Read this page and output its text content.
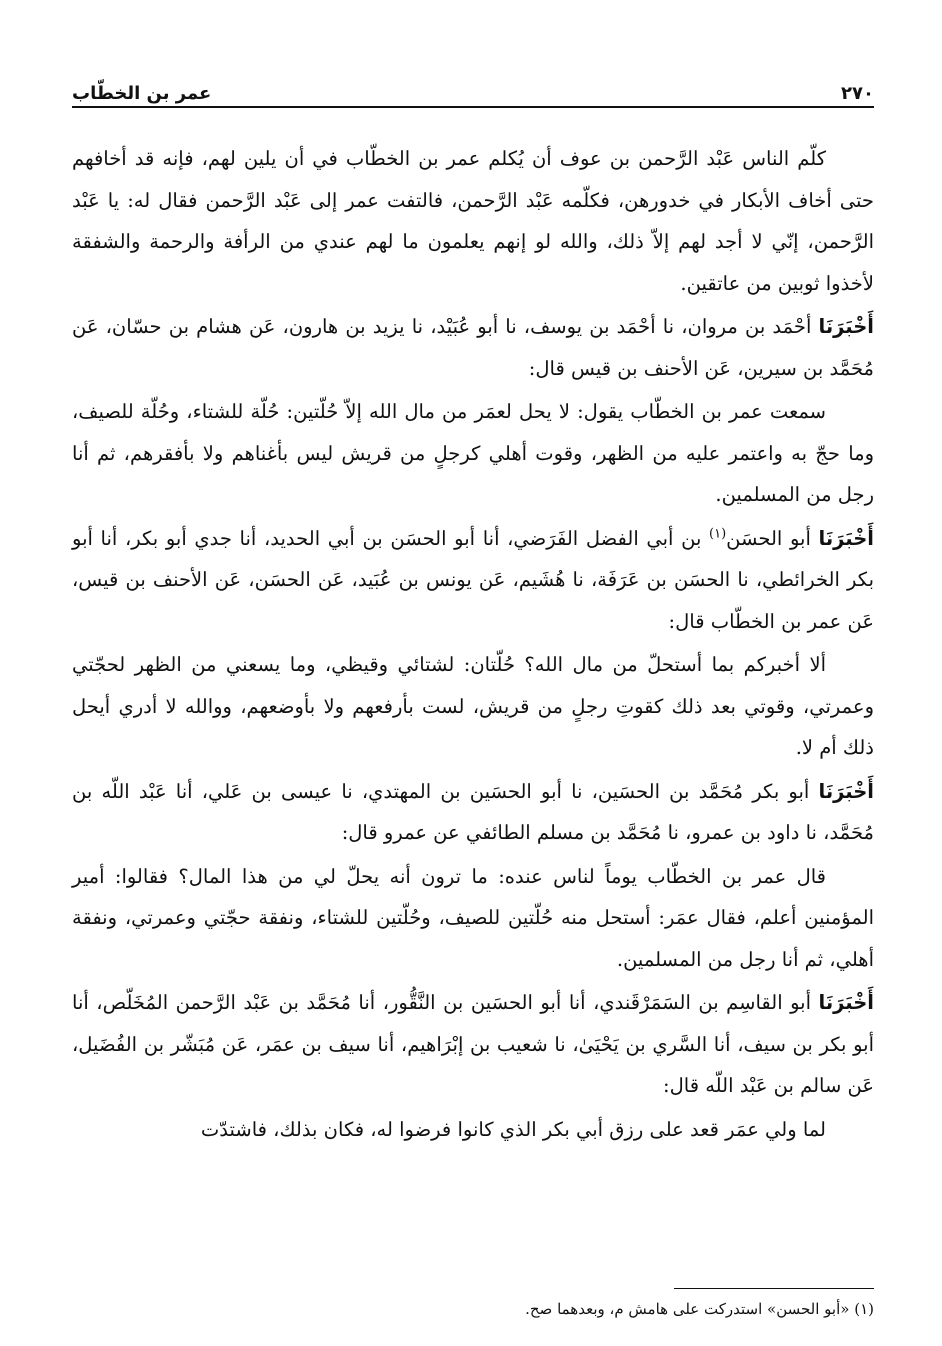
٢٧٠
عمر بن الخطّاب

كلّم الناس عَبْد الرَّحمن بن عوف أن يُكلم عمر بن الخطّاب في أن يلين لهم، فإنه قد أخافهم حتى أخاف الأبكار في خدورهن، فكلّمه عَبْد الرَّحمن، فالتفت عمر إلى عَبْد الرَّحمن فقال له: يا عَبْد الرَّحمن، إنّي لا أجد لهم إلاّ ذلك، والله لو إنهم يعلمون ما لهم عندي من الرأفة والرحمة والشفقة لأخذوا ثوبين من عاتقين.

أَخْبَرَنَا أحْمَد بن مروان، نا أحْمَد بن يوسف، نا أبو عُبَيْد، نا يزيد بن هارون، عَن هشام بن حسّان، عَن مُحَمَّد بن سيرين، عَن الأحنف بن قيس قال:

سمعت عمر بن الخطّاب يقول: لا يحل لعمَر من مال الله إلاّ حُلّتين: حُلّة للشتاء، وحُلّة للصيف، وما حجّ به واعتمر عليه من الظهر، وقوت أهلي كرجلٍ من قريش ليس بأغناهم ولا بأفقرهم، ثم أنا رجل من المسلمين.

أَخْبَرَنَا أبو الحسَن$^{(١)}$ بن أبي الفضل الفَرَضي، أنا أبو الحسَن بن أبي الحديد، أنا جدي أبو بكر، أنا أبو بكر الخرائطي، نا الحسَن بن عَرَفَة، نا هُشَيم، عَن يونس بن عُبَيد، عَن الحسَن، عَن الأحنف بن قيس، عَن عمر بن الخطّاب قال:

ألا أخبركم بما أستحلّ من مال الله؟ حُلّتان: لشتائي وقيظي، وما يسعني من الظهر لحجّتي وعمرتي، وقوتي بعد ذلك كقوتِ رجلٍ من قريش، لست بأرفعهم ولا بأوضعهم، ووالله لا أدري أيحل ذلك أم لا.

أَخْبَرَنَا أبو بكر مُحَمَّد بن الحسَين، نا أبو الحسَين بن المهتدي، نا عيسى بن عَلي، أنا عَبْد اللّه بن مُحَمَّد، نا داود بن عمرو، نا مُحَمَّد بن مسلم الطائفي عن عمرو قال:

قال عمر بن الخطّاب يوماً لناس عنده: ما ترون أنه يحلّ لي من هذا المال؟ فقالوا: أمير المؤمنين أعلم، فقال عمَر: أستحل منه حُلّتين للصيف، وحُلّتين للشتاء، ونفقة حجّتي وعمرتي، ونفقة أهلي، ثم أنا رجل من المسلمين.

أَخْبَرَنَا أبو القاسِم بن السَمَرْقَندي، أنا أبو الحسَين بن النَّقُّور، أنا مُحَمَّد بن عَبْد الرَّحمن المُخَلّص، أنا أبو بكر بن سيف، أنا السَّري بن يَحْيَىٰ، نا شعيب بن إبْرَاهيم، أنا سيف بن عمَر، عَن مُبَشّر بن الفُضَيل، عَن سالم بن عَبْد اللّه قال:

لما ولي عمَر قعد على رزق أبي بكر الذي كانوا فرضوا له، فكان بذلك، فاشتدّت

(١) «أبو الحسن» استدركت على هامش م، وبعدهما صح.
